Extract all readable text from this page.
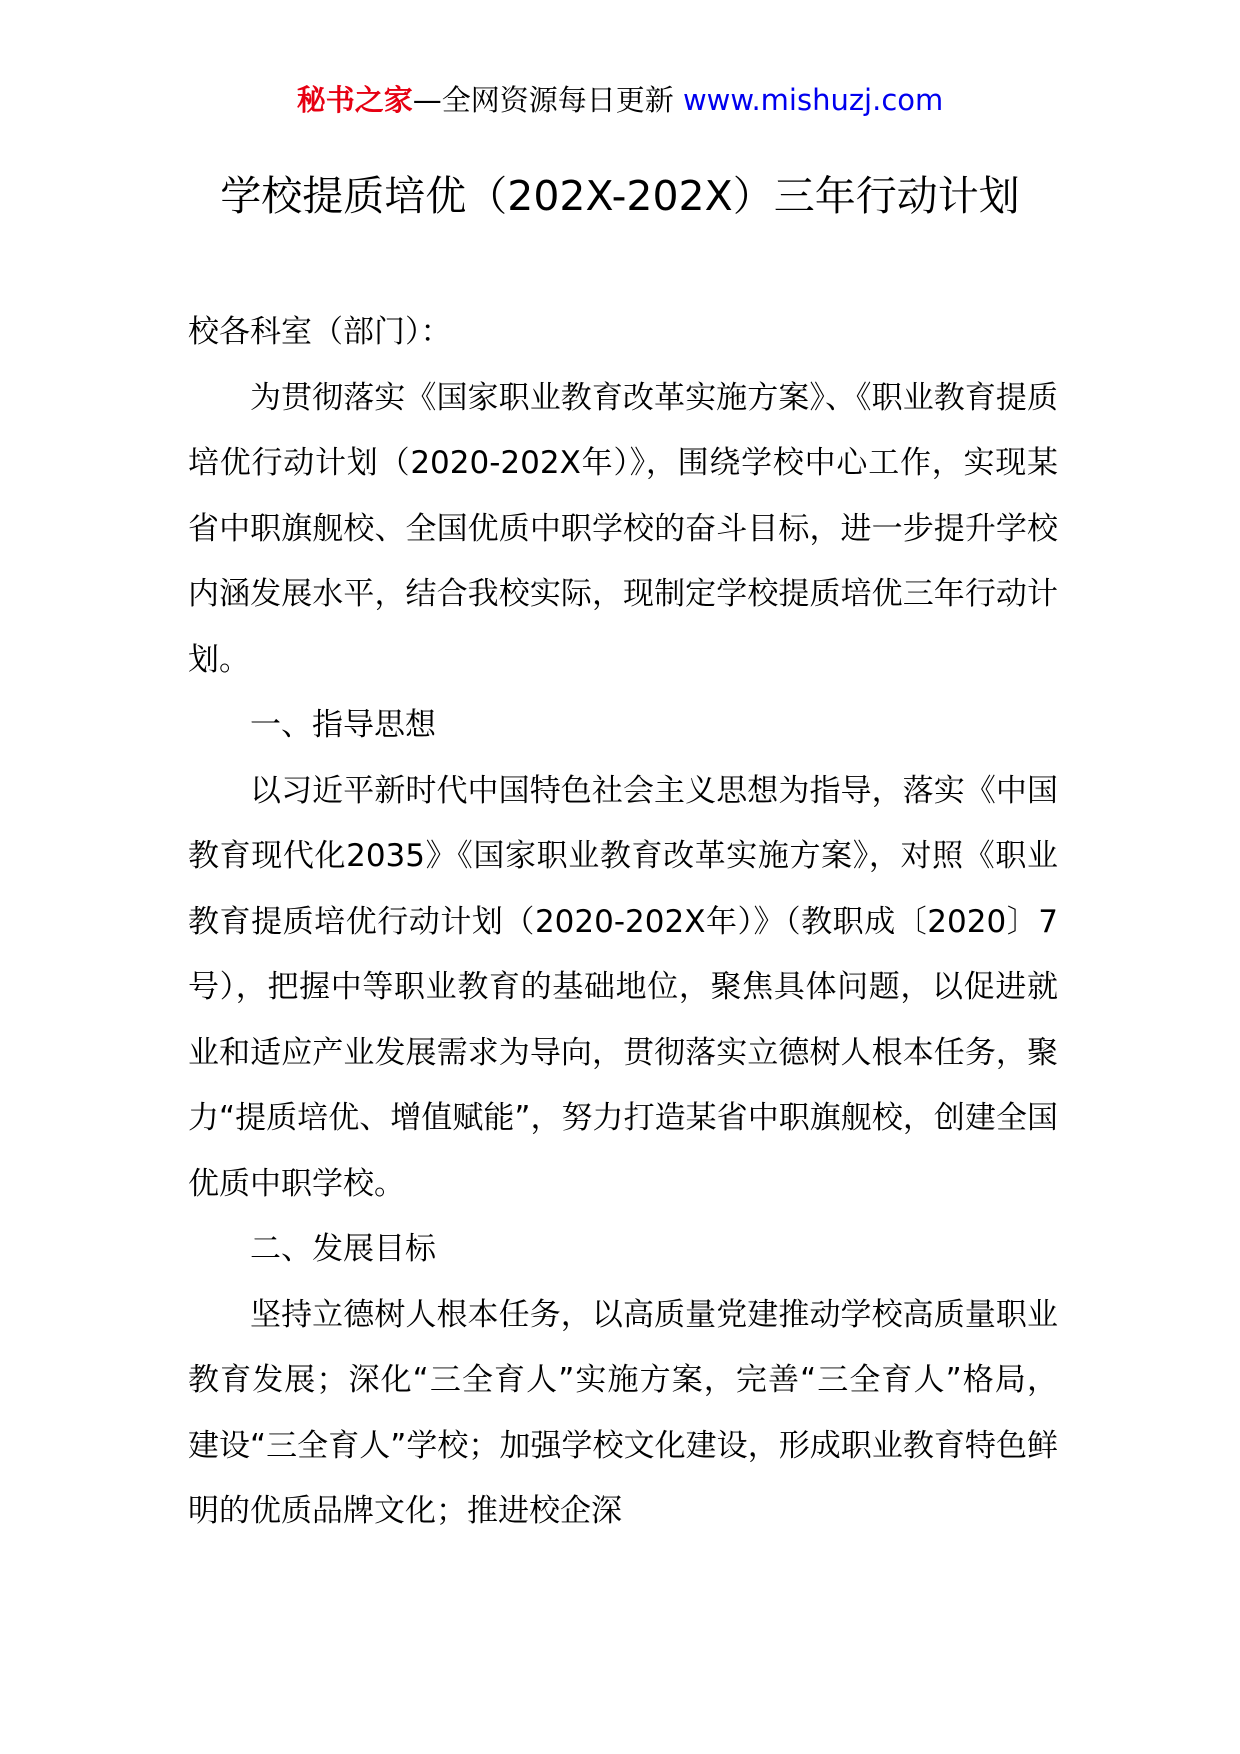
秘书之家—全网资源每日更新 www.mishuzj.com
学校提质培优（202X-202X）三年行动计划

校各科室（部门）：

为贯彻落实《国家职业教育改革实施方案》、《职业教育提质培优行动计划（2020-202X年）》，围绕学校中心工作，实现某省中职旗舰校、全国优质中职学校的奋斗目标，进一步提升学校内涵发展水平，结合我校实际，现制定学校提质培优三年行动计划。

一、指导思想

以习近平新时代中国特色社会主义思想为指导，落实《中国教育现代化2035》《国家职业教育改革实施方案》，对照《职业教育提质培优行动计划（2020-202X年）》（教职成〔2020〕7号），把握中等职业教育的基础地位，聚焦具体问题，以促进就业和适应产业发展需求为导向，贯彻落实立德树人根本任务，聚力“提质培优、增值赋能”，努力打造某省中职旗舰校，创建全国优质中职学校。

二、发展目标

坚持立德树人根本任务，以高质量党建推动学校高质量职业教育发展；深化“三全育人”实施方案，完善“三全育人”格局，建设“三全育人”学校；加强学校文化建设，形成职业教育特色鲜明的优质品牌文化；推进校企深
